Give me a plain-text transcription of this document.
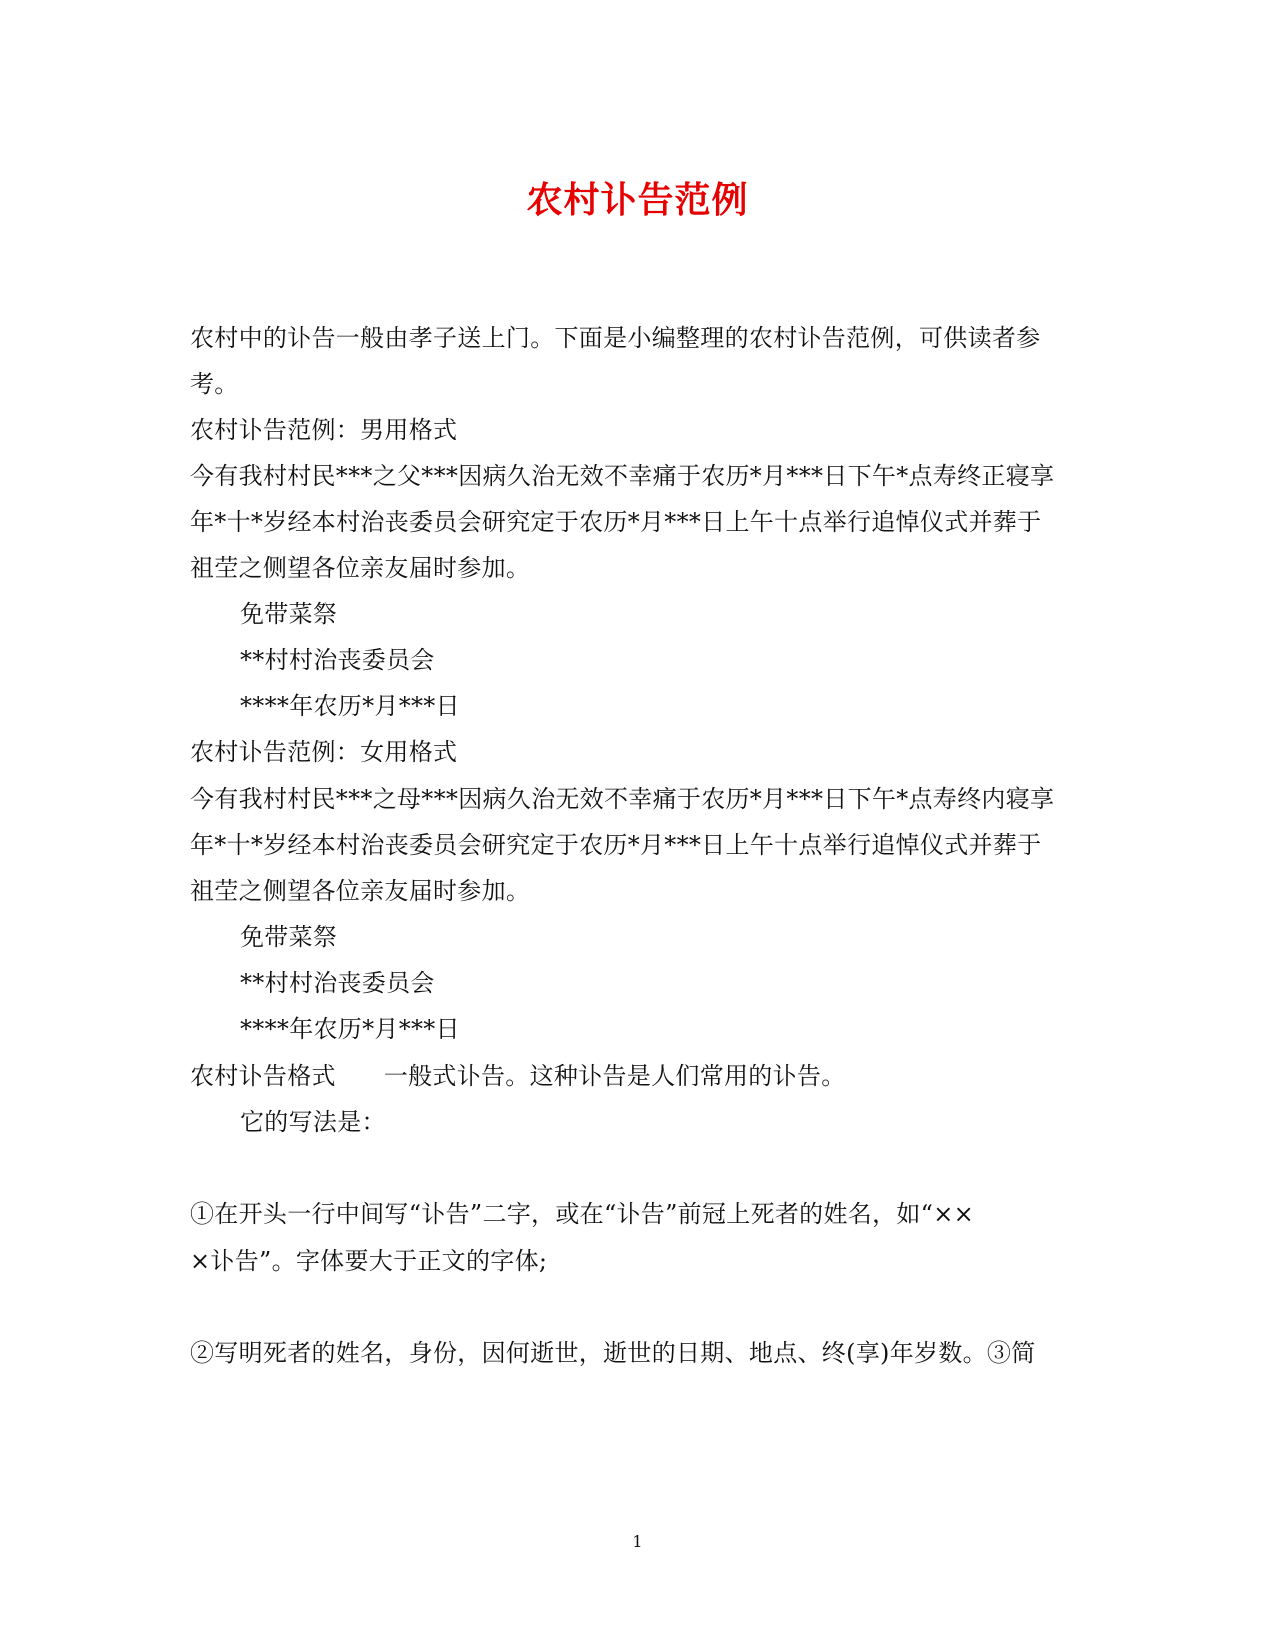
农村讣告范例
农村中的讣告一般由孝子送上门。下面是小编整理的农村讣告范例，可供读者参
考。
农村讣告范例：男用格式
今有我村村民***之父***因病久治无效不幸痛于农历*月***日下午*点寿终正寝享
年*十*岁经本村治丧委员会研究定于农历*月***日上午十点举行追悼仪式并葬于
祖茔之侧望各位亲友届时参加。
免带菜祭
**村村治丧委员会
****年农历*月***日
农村讣告范例：女用格式
今有我村村民***之母***因病久治无效不幸痛于农历*月***日下午*点寿终内寝享
年*十*岁经本村治丧委员会研究定于农历*月***日上午十点举行追悼仪式并葬于
祖茔之侧望各位亲友届时参加。
免带菜祭
**村村治丧委员会
****年农历*月***日
农村讣告格式 一般式讣告。这种讣告是人们常用的讣告。
它的写法是：
①在开头一行中间写“讣告”二字，或在“讣告”前冠上死者的姓名，如“××
×讣告”。字体要大于正文的字体;
②写明死者的姓名，身份，因何逝世，逝世的日期、地点、终(享)年岁数。③简
1
